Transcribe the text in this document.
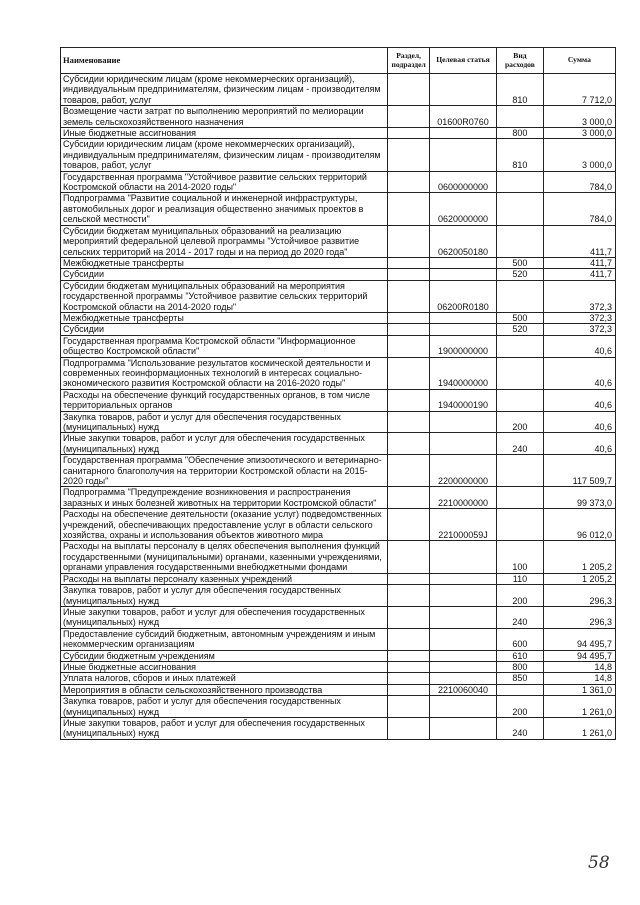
Наименование	Раздел, подраздел	Целевая статья	Вид расходов	Сумма
Субсидии юридическим лицам (кроме некоммерческих организаций), индивидуальным предпринимателям, физическим лицам - производителям товаров, работ, услуг			810	7 712,0
Возмещение части затрат по выполнению мероприятий по мелиорации земель сельскохозяйственного назначения		01600R0760		3 000,0
Иные бюджетные ассигнования			800	3 000,0
Субсидии юридическим лицам (кроме некоммерческих организаций), индивидуальным предпринимателям, физическим лицам - производителям товаров, работ, услуг			810	3 000,0
Государственная программа "Устойчивое развитие сельских территорий Костромской области на 2014-2020 годы"		0600000000		784,0
Подпрограмма "Развитие социальной и инженерной инфраструктуры, автомобильных дорог и реализация общественно значимых проектов в сельской местности"		0620000000		784,0
Субсидии бюджетам муниципальных образований на реализацию мероприятий федеральной целевой программы "Устойчивое развитие сельских территорий на 2014 - 2017 годы и на период до 2020 года"		0620050180		411,7
Межбюджетные трансферты			500	411,7
Субсидии			520	411,7
Субсидии бюджетам муниципальных образований на мероприятия государственной программы "Устойчивое развитие сельских территорий Костромской области на 2014-2020 годы"		06200R0180		372,3
Межбюджетные трансферты			500	372,3
Субсидии			520	372,3
Государственная программа Костромской области "Информационное общество Костромской области"		1900000000		40,6
Подпрограмма "Использование результатов космической деятельности и современных геоинформационных технологий в интересах социально-экономического развития Костромской области на 2016-2020 годы"		1940000000		40,6
Расходы на обеспечение функций государственных органов, в том числе территориальных органов		1940000190		40,6
Закупка товаров, работ и услуг для обеспечения государственных (муниципальных) нужд			200	40,6
Иные закупки товаров, работ и услуг для обеспечения государственных (муниципальных) нужд			240	40,6
Государственная программа "Обеспечение эпизоотического и ветеринарно-санитарного благополучия на территории Костромской области на 2015-2020 годы"		2200000000		117 509,7
Подпрограмма "Предупреждение возникновения и распространения заразных и иных болезней животных на территории Костромской области"		2210000000		99 373,0
Расходы на обеспечение деятельности (оказание услуг) подведомственных учреждений, обеспечивающих предоставление услуг в области сельского хозяйства, охраны и использования объектов животного мира		221000059J		96 012,0
Расходы на выплаты персоналу в целях обеспечения выполнения функций государственными (муниципальными) органами, казенными учреждениями, органами управления государственными внебюджетными фондами			100	1 205,2
Расходы на выплаты персоналу казенных учреждений			110	1 205,2
Закупка товаров, работ и услуг для обеспечения государственных (муниципальных) нужд			200	296,3
Иные закупки товаров, работ и услуг для обеспечения государственных (муниципальных) нужд			240	296,3
Предоставление субсидий бюджетным, автономным учреждениям и иным некоммерческим организациям			600	94 495,7
Субсидии бюджетным учреждениям			610	94 495,7
Иные бюджетные ассигнования			800	14,8
Уплата налогов, сборов и иных платежей			850	14,8
Мероприятия в области сельскохозяйственного производства		2210060040		1 361,0
Закупка товаров, работ и услуг для обеспечения государственных (муниципальных) нужд			200	1 261,0
Иные закупки товаров, работ и услуг для обеспечения государственных (муниципальных) нужд			240	1 261,0
58
